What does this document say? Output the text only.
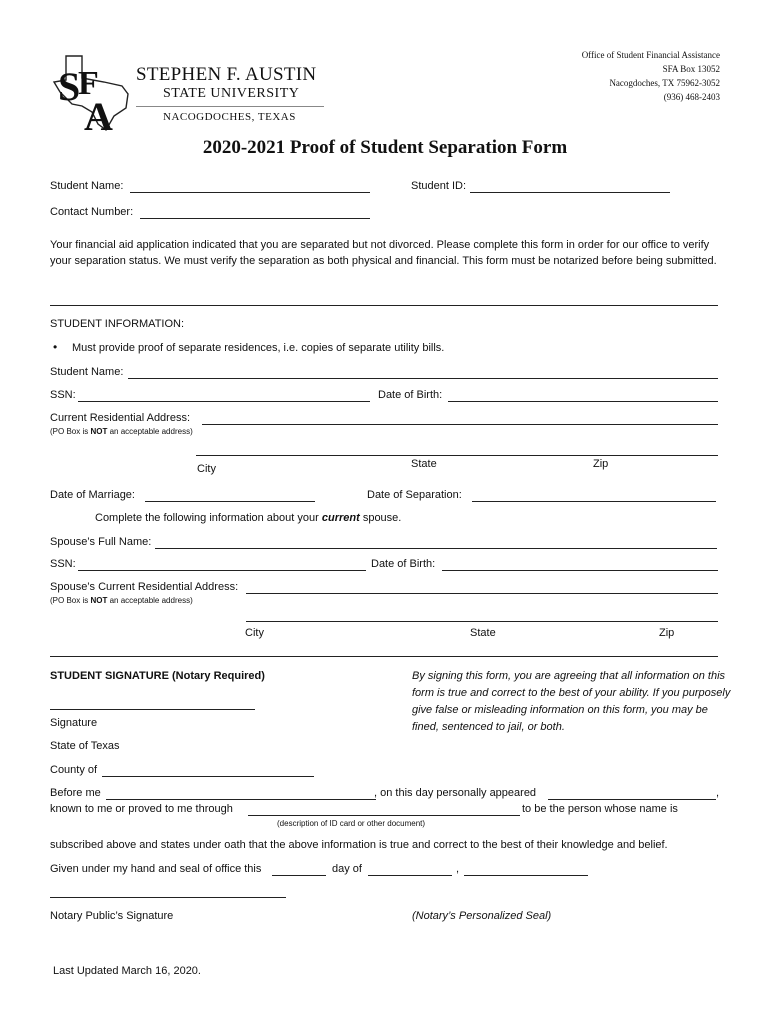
S
F
A
STEPHEN F. AUSTIN
STATE UNIVERSITY
NACOGDOCHES, TEXAS
Office of Student Financial Assistance
SFA Box 13052
Nacogdoches, TX 75962-3052
(936) 468-2403
2020-2021 Proof of Student Separation Form
Student Name:	Student ID:
Contact Number:
Your financial aid application indicated that you are separated but not divorced. Please complete this form in order for our office to verify your separation status. We must verify the separation as both physical and financial. This form must be notarized before being submitted.
STUDENT INFORMATION:
• Must provide proof of separate residences, i.e. copies of separate utility bills.
Student Name:
SSN:	Date of Birth:
Current Residential Address:
(PO Box is NOT an acceptable address)
City	State	Zip
Date of Marriage:	Date of Separation:
Complete the following information about your current spouse.
Spouse’s Full Name:
SSN:	Date of Birth:
Spouse’s Current Residential Address:
(PO Box is NOT an acceptable address)
City	State	Zip
STUDENT SIGNATURE (Notary Required)	By signing this form, you are agreeing that all information on this form is true and correct to the best of your ability. If you purposely give false or misleading information on this form, you may be fined, sentenced to jail, or both.
Signature
State of Texas
County of
Before me	, on this day personally appeared	,
known to me or proved to me through	to be the person whose name is
(description of ID card or other document)
subscribed above and states under oath that the above information is true and correct to the best of their knowledge and belief.
Given under my hand and seal of office this	day of	,
Notary Public’s Signature	(Notary’s Personalized Seal)
Last Updated March 16, 2020.
